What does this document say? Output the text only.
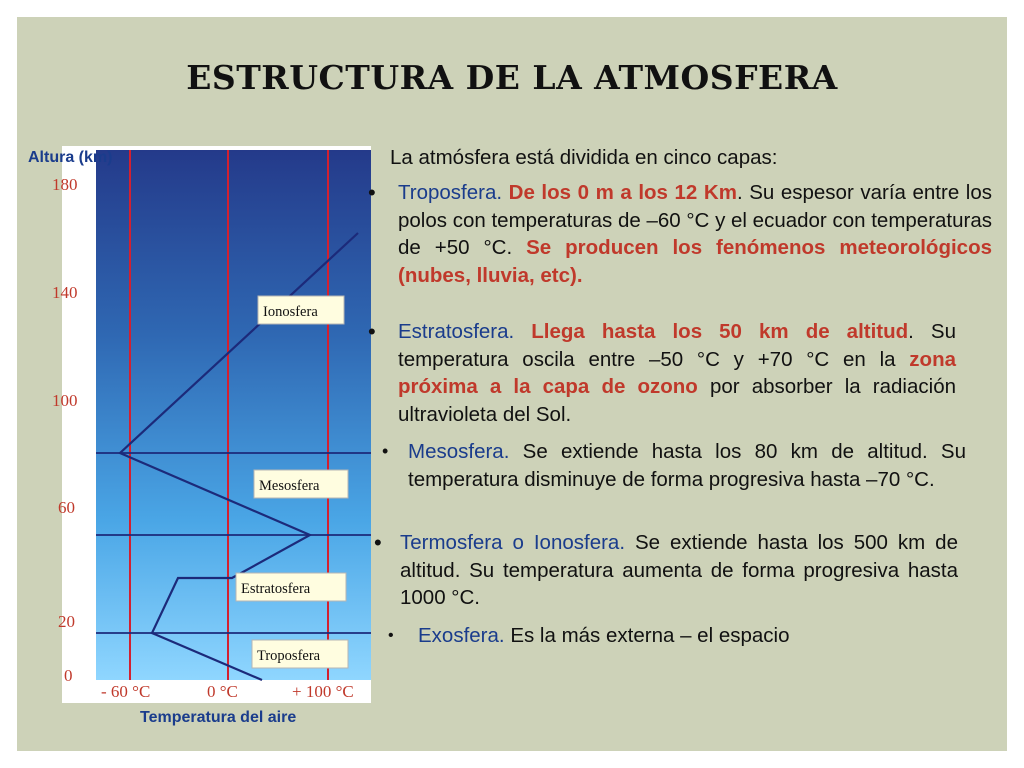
ESTRUCTURA DE LA ATMOSFERA
Altura (km)
Temperatura del aire
180
140
100
60
20
0
- 60 °C	0 °C	+ 100 °C
Ionosfera
Mesosfera
Estratosfera
Troposfera

La atmósfera está dividida en cinco capas:

• Troposfera. De los 0 m a los 12 Km. Su espesor varía entre los polos con temperaturas de –60 °C y el ecuador con temperaturas de +50 °C. Se producen los fenómenos meteorológicos (nubes, lluvia, etc).

• Estratosfera. Llega hasta los 50 km de altitud. Su temperatura oscila entre –50 °C y +70 °C en la zona próxima a la capa de ozono por absorber la radiación ultravioleta del Sol.

• Mesosfera. Se extiende hasta los 80 km de altitud. Su temperatura disminuye de forma progresiva hasta –70 °C.

• Termosfera o Ionosfera. Se extiende hasta los 500 km de altitud. Su temperatura aumenta de forma progresiva hasta 1000 °C.

• Exosfera. Es la más externa – el espacio
